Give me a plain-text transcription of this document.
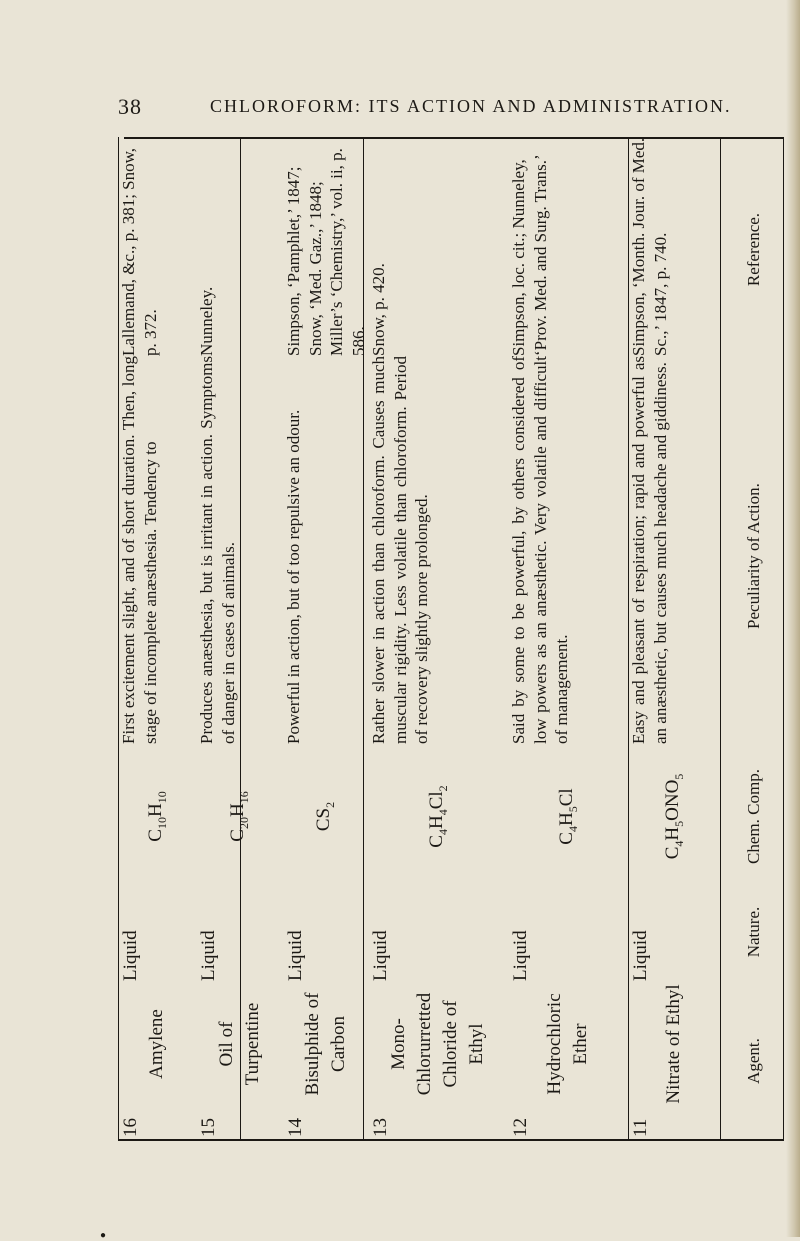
38	CHLOROFORM: ITS ACTION AND ADMINISTRATION.
Agent.
Nature.
Chem. Comp.
Peculiarity of Action.
Reference.
11
Nitrate of Ethyl
Liquid
$C_4H_5ONO_5$
Easy and pleasant of respiration; rapid and powerful as an anæsthetic, but causes much headache and giddiness.
Simpson, ‘Month. Jour. of Med. Sc.,’ 1847, p. 740.
12
Hydrochloric Ether
Liquid
$C_4H_5Cl$
Said by some to be powerful, by others considered of low powers as an anæsthetic. Very volatile and difficult of management.
Simpson, loc. cit.; Nunneley, ‘Prov. Med. and Surg. Trans.’
13
Mono-Chlorurretted Chloride of Ethyl
Liquid
$C_4H_4Cl_2$
Rather slower in action than chloroform. Causes much muscular rigidity. Less volatile than chloroform. Period of recovery slightly more prolonged.
Snow, p. 420.
14
Bisulphide of Carbon
Liquid
$CS_2$
Powerful in action, but of too repulsive an odour.
Simpson, ‘Pamphlet,’ 1847; Snow, ‘Med. Gaz.,’ 1848; Miller’s ‘Chemistry,’ vol. ii, p. 586.
15
Oil of Turpentine
Liquid
$C_{20}H_{16}$
Produces anæsthesia, but is irritant in action. Symptoms of danger in cases of animals.
Nunneley.
16
Amylene
Liquid
$C_{10}H_{10}$
First excitement slight, and of short duration. Then, long stage of incomplete anæsthesia. Tendency to
Lallemand, &c., p. 381; Snow, p. 372.
●
